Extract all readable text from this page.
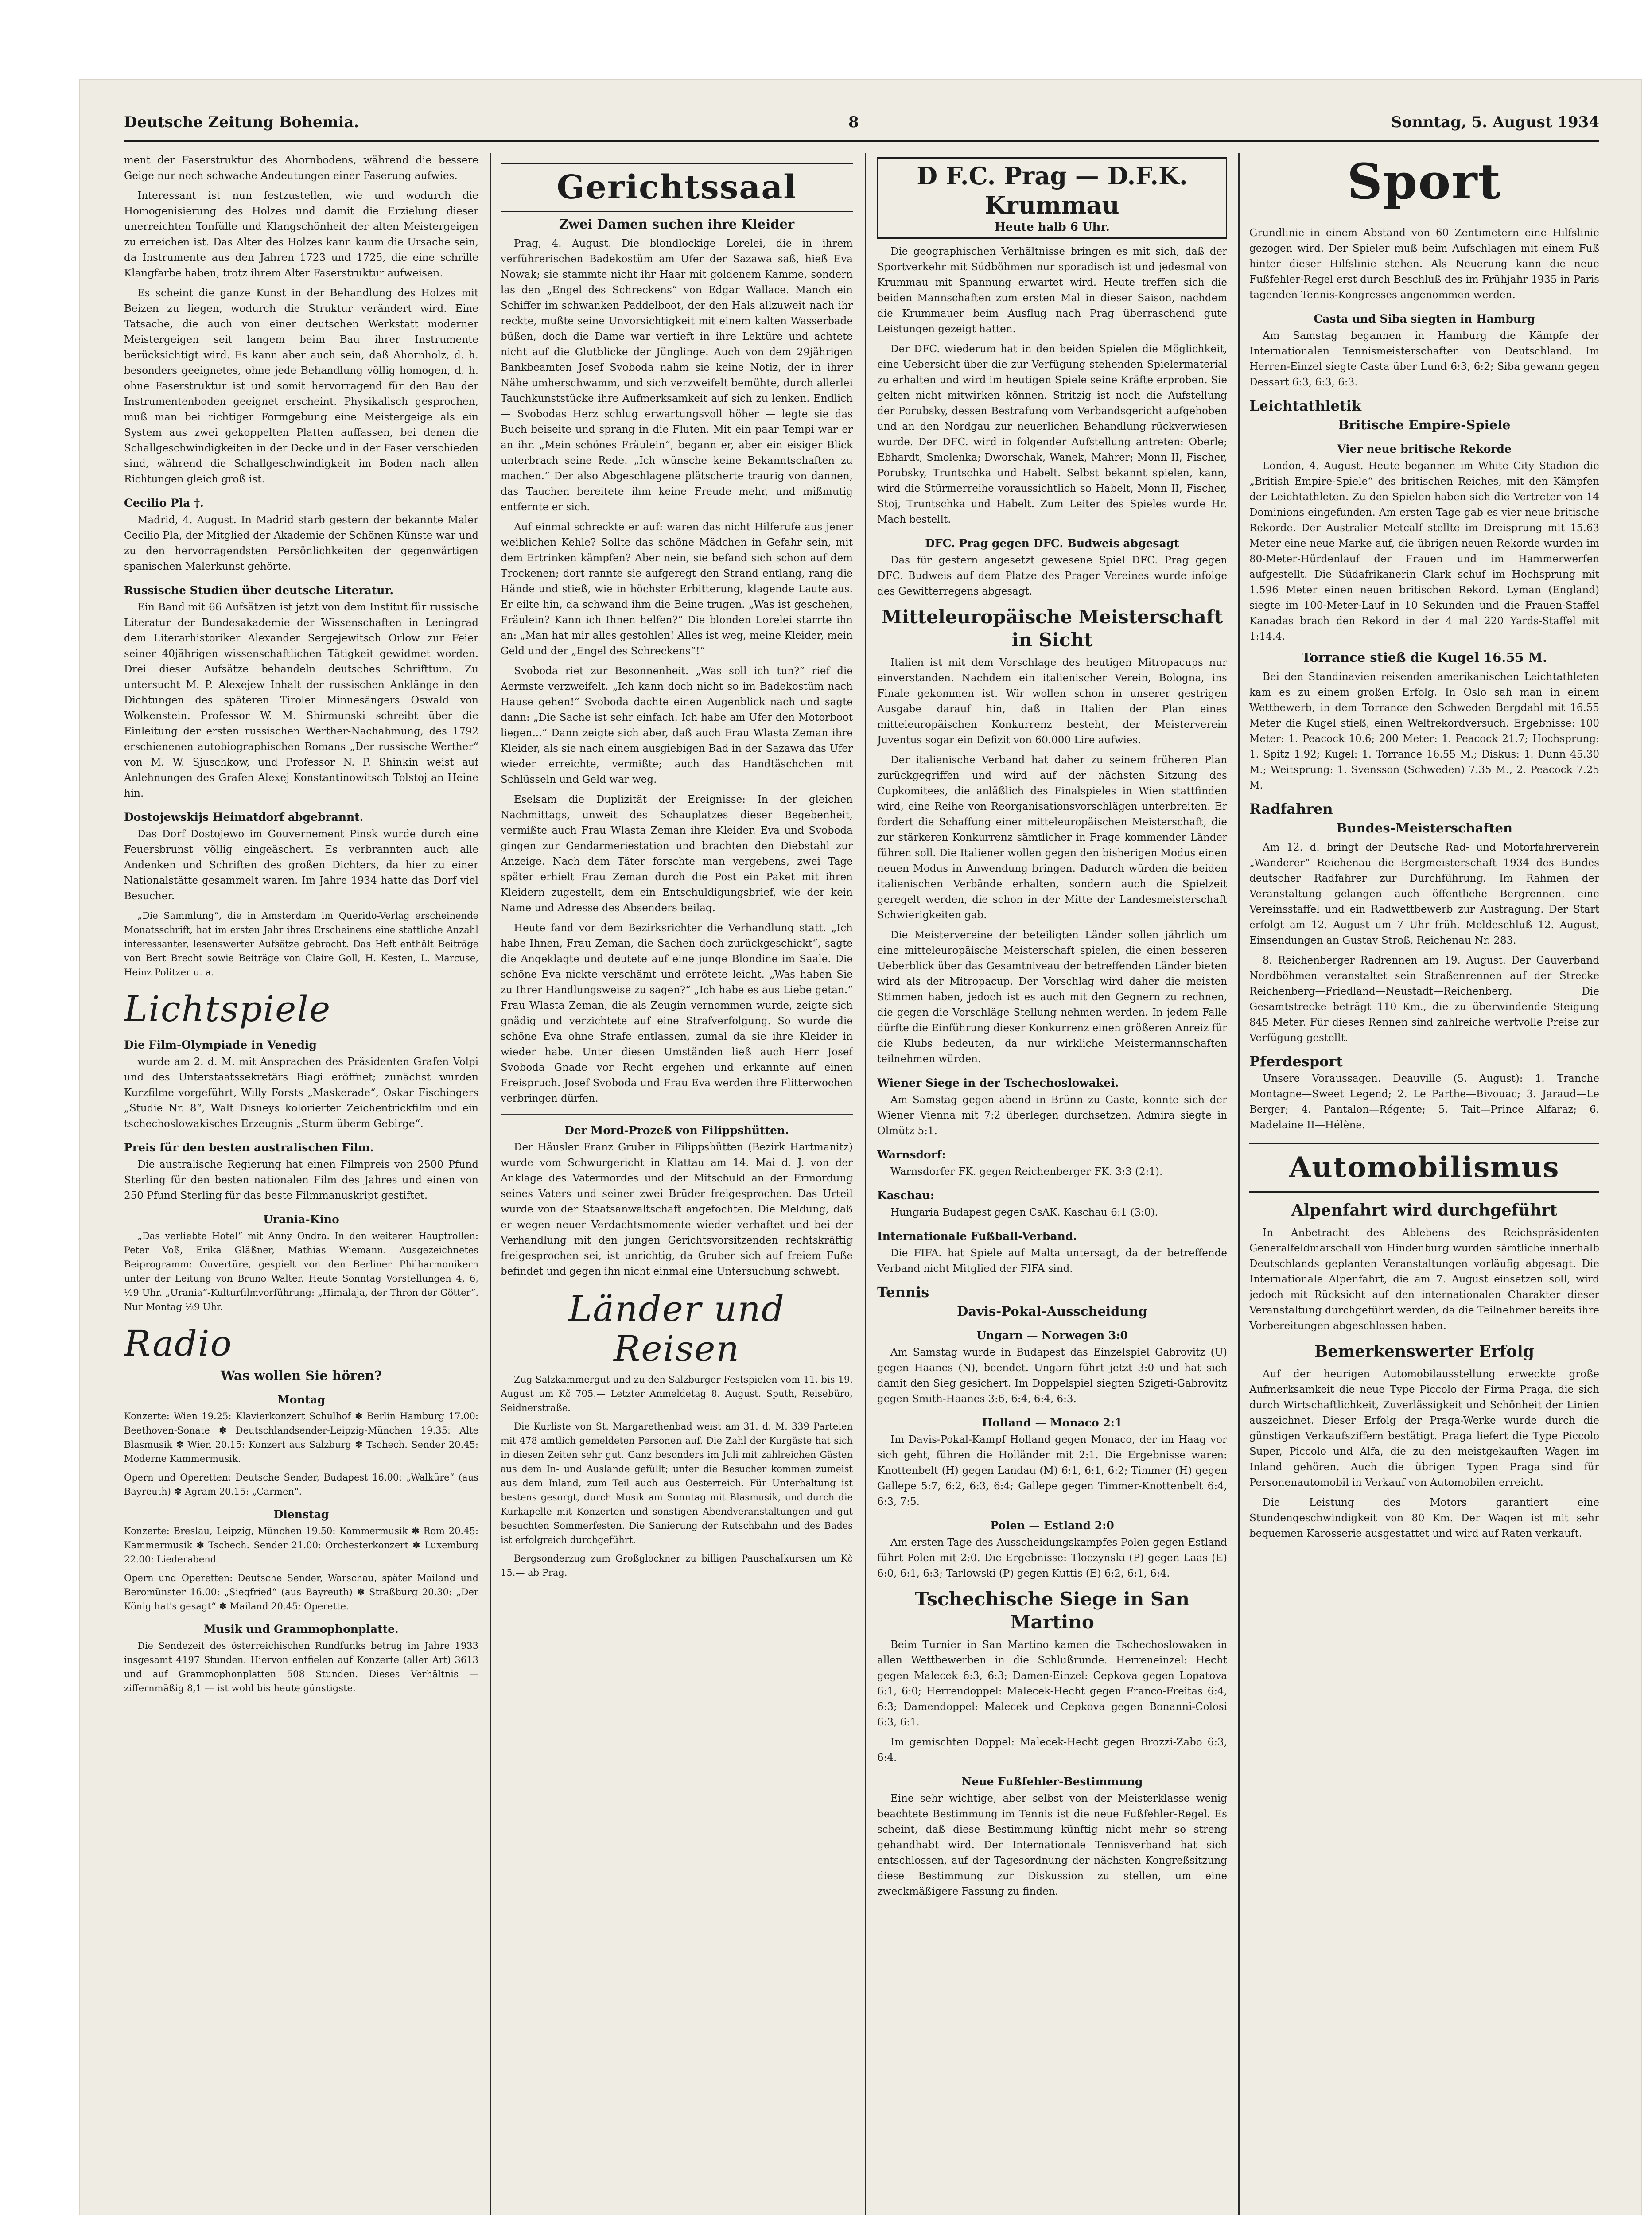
Deutsche Zeitung Bohemia.	8	Sonntag, 5. August 1934

ment der Faserstruktur des Ahornbodens, während die bessere Geige nur noch schwache Andeutungen einer Faserung aufwies.

Interessant ist nun festzustellen, wie und wodurch die Homogenisierung des Holzes und damit die Erzielung dieser unerreichten Tonfülle und Klangschönheit der alten Meistergeigen zu erreichen ist. Das Alter des Holzes kann kaum die Ursache sein, da Instrumente aus den Jahren 1723 und 1725, die eine schrille Klangfarbe haben, trotz ihrem Alter Faserstruktur aufweisen.

Es scheint die ganze Kunst in der Behandlung des Holzes mit Beizen zu liegen, wodurch die Struktur verändert wird. Eine Tatsache, die auch von einer deutschen Werkstatt moderner Meistergeigen seit langem beim Bau ihrer Instrumente berücksichtigt wird. Es kann aber auch sein, daß Ahornholz, d. h. besonders geeignetes, ohne jede Behandlung völlig homogen, d. h. ohne Faserstruktur ist und somit hervorragend für den Bau der Instrumentenboden geeignet erscheint. Physikalisch gesprochen, muß man bei richtiger Formgebung eine Meistergeige als ein System aus zwei gekoppelten Platten auffassen, bei denen die Schallgeschwindigkeiten in der Decke und in der Faser verschieden sind, während die Schallgeschwindigkeit im Boden nach allen Richtungen gleich groß ist.

Cecilio Pla †.

Madrid, 4. August. In Madrid starb gestern der bekannte Maler Cecilio Pla, der Mitglied der Akademie der Schönen Künste war und zu den hervorragendsten Persönlichkeiten der gegenwärtigen spanischen Malerkunst gehörte.

Russische Studien über deutsche Literatur.

Ein Band mit 66 Aufsätzen ist jetzt von dem Institut für russische Literatur der Bundesakademie der Wissenschaften in Leningrad dem Literarhistoriker Alexander Sergejewitsch Orlow zur Feier seiner 40jährigen wissenschaftlichen Tätigkeit gewidmet worden. Drei dieser Aufsätze behandeln deutsches Schrifttum. Zu untersucht M. P. Alexejew Inhalt der russischen Anklänge in den Dichtungen des späteren Tiroler Minnesängers Oswald von Wolkenstein. Professor W. M. Shirmunski schreibt über die Einleitung der ersten russischen Werther-Nachahmung, des 1792 erschienenen autobiographischen Romans „Der russische Werther“ von M. W. Sjuschkow, und Professor N. P. Shinkin weist auf Anlehnungen des Grafen Alexej Konstantinowitsch Tolstoj an Heine hin.

Dostojewskijs Heimatdorf abgebrannt.

Das Dorf Dostojewo im Gouvernement Pinsk wurde durch eine Feuersbrunst völlig eingeäschert. Es verbrannten auch alle Andenken und Schriften des großen Dichters, da hier zu einer Nationalstätte gesammelt waren. Im Jahre 1934 hatte das Dorf viel Besucher.

„Die Sammlung“, die in Amsterdam im Querido-Verlag erscheinende Monatsschrift, hat im ersten Jahr ihres Erscheinens eine stattliche Anzahl interessanter, lesenswerter Aufsätze gebracht. Das Heft enthält Beiträge von Bert Brecht sowie Beiträge von Claire Goll, H. Kesten, L. Marcuse, Heinz Politzer u. a.

Lichtspiele
Die Film-Olympiade in Venedig

wurde am 2. d. M. mit Ansprachen des Präsidenten Grafen Volpi und des Unterstaatssekretärs Biagi eröffnet; zunächst wurden Kurzfilme vorgeführt, Willy Forsts „Maskerade“, Oskar Fischingers „Studie Nr. 8“, Walt Disneys kolorierter Zeichentrickfilm und ein tschechoslowakisches Erzeugnis „Sturm überm Gebirge“.

Preis für den besten australischen Film.

Die australische Regierung hat einen Filmpreis von 2500 Pfund Sterling für den besten nationalen Film des Jahres und einen von 250 Pfund Sterling für das beste Filmmanuskript gestiftet.

Urania-Kino

„Das verliebte Hotel“ mit Anny Ondra. In den weiteren Hauptrollen: Peter Voß, Erika Gläßner, Mathias Wiemann. Ausgezeichnetes Beiprogramm: Ouvertüre, gespielt von den Berliner Philharmonikern unter der Leitung von Bruno Walter. Heute Sonntag Vorstellungen 4, 6, ½9 Uhr. „Urania“-Kulturfilmvorführung: „Himalaja, der Thron der Götter“. Nur Montag ½9 Uhr.

Radio
Was wollen Sie hören?
Montag

Konzerte: Wien 19.25: Klavierkonzert Schulhof ✽ Berlin Hamburg 17.00: Beethoven-Sonate ✽ Deutschlandsender-Leipzig-München 19.35: Alte Blasmusik ✽ Wien 20.15: Konzert aus Salzburg ✽ Tschech. Sender 20.45: Moderne Kammermusik.

Opern und Operetten: Deutsche Sender, Budapest 16.00: „Walküre“ (aus Bayreuth) ✽ Agram 20.15: „Carmen“.

Dienstag

Konzerte: Breslau, Leipzig, München 19.50: Kammermusik ✽ Rom 20.45: Kammermusik ✽ Tschech. Sender 21.00: Orchesterkonzert ✽ Luxemburg 22.00: Liederabend.

Opern und Operetten: Deutsche Sender, Warschau, später Mailand und Beromünster 16.00: „Siegfried“ (aus Bayreuth) ✽ Straßburg 20.30: „Der König hat's gesagt“ ✽ Mailand 20.45: Operette.

Musik und Grammophonplatte.

Die Sendezeit des österreichischen Rundfunks betrug im Jahre 1933 insgesamt 4197 Stunden. Hiervon entfielen auf Konzerte (aller Art) 3613 und auf Grammophonplatten 508 Stunden. Dieses Verhältnis — ziffernmäßig 8,1 — ist wohl bis heute günstigste.

Gerichtssaal
Zwei Damen suchen ihre Kleider

Prag, 4. August. Die blondlockige Lorelei, die in ihrem verführerischen Badekostüm am Ufer der Sazawa saß, hieß Eva Nowak; sie stammte nicht ihr Haar mit goldenem Kamme, sondern las den „Engel des Schreckens“ von Edgar Wallace. Manch ein Schiffer im schwanken Paddelboot, der den Hals allzuweit nach ihr reckte, mußte seine Unvorsichtigkeit mit einem kalten Wasserbade büßen, doch die Dame war vertieft in ihre Lektüre und achtete nicht auf die Glutblicke der Jünglinge. Auch von dem 29jährigen Bankbeamten Josef Svoboda nahm sie keine Notiz, der in ihrer Nähe umherschwamm, und sich verzweifelt bemühte, durch allerlei Tauchkunststücke ihre Aufmerksamkeit auf sich zu lenken. Endlich — Svobodas Herz schlug erwartungsvoll höher — legte sie das Buch beiseite und sprang in die Fluten. Mit ein paar Tempi war er an ihr. „Mein schönes Fräulein“, begann er, aber ein eisiger Blick unterbrach seine Rede. „Ich wünsche keine Bekanntschaften zu machen.“ Der also Abgeschlagene plätscherte traurig von dannen, das Tauchen bereitete ihm keine Freude mehr, und mißmutig entfernte er sich.

Auf einmal schreckte er auf: waren das nicht Hilferufe aus jener weiblichen Kehle? Sollte das schöne Mädchen in Gefahr sein, mit dem Ertrinken kämpfen? Aber nein, sie befand sich schon auf dem Trockenen; dort rannte sie aufgeregt den Strand entlang, rang die Hände und stieß, wie in höchster Erbitterung, klagende Laute aus. Er eilte hin, da schwand ihm die Beine trugen. „Was ist geschehen, Fräulein? Kann ich Ihnen helfen?“ Die blonden Lorelei starrte ihn an: „Man hat mir alles gestohlen! Alles ist weg, meine Kleider, mein Geld und der „Engel des Schreckens“!“

Svoboda riet zur Besonnenheit. „Was soll ich tun?“ rief die Aermste verzweifelt. „Ich kann doch nicht so im Badekostüm nach Hause gehen!“ Svoboda dachte einen Augenblick nach und sagte dann: „Die Sache ist sehr einfach. Ich habe am Ufer den Motorboot liegen...“ Dann zeigte sich aber, daß auch Frau Wlasta Zeman ihre Kleider, als sie nach einem ausgiebigen Bad in der Sazawa das Ufer wieder erreichte, vermißte; auch das Handtäschchen mit Schlüsseln und Geld war weg.

Eselsam die Duplizität der Ereignisse: In der gleichen Nachmittags, unweit des Schauplatzes dieser Begebenheit, vermißte auch Frau Wlasta Zeman ihre Kleider. Eva und Svoboda gingen zur Gendarmeriestation und brachten den Diebstahl zur Anzeige. Nach dem Täter forschte man vergebens, zwei Tage später erhielt Frau Zeman durch die Post ein Paket mit ihren Kleidern zugestellt, dem ein Entschuldigungsbrief, wie der kein Name und Adresse des Absenders beilag.

Heute fand vor dem Bezirksrichter die Verhandlung statt. „Ich habe Ihnen, Frau Zeman, die Sachen doch zurückgeschickt“, sagte die Angeklagte und deutete auf eine junge Blondine im Saale. Die schöne Eva nickte verschämt und errötete leicht. „Was haben Sie zu Ihrer Handlungsweise zu sagen?“ „Ich habe es aus Liebe getan.“ Frau Wlasta Zeman, die als Zeugin vernommen wurde, zeigte sich gnädig und verzichtete auf eine Strafverfolgung. So wurde die schöne Eva ohne Strafe entlassen, zumal da sie ihre Kleider in wieder habe. Unter diesen Umständen ließ auch Herr Josef Svoboda Gnade vor Recht ergehen und erkannte auf einen Freispruch. Josef Svoboda und Frau Eva werden ihre Flitterwochen verbringen dürfen.

Der Mord-Prozeß von Filippshütten.

Der Häusler Franz Gruber in Filippshütten (Bezirk Hartmanitz) wurde vom Schwurgericht in Klattau am 14. Mai d. J. von der Anklage des Vatermordes und der Mitschuld an der Ermordung seines Vaters und seiner zwei Brüder freigesprochen. Das Urteil wurde von der Staatsanwaltschaft angefochten. Die Meldung, daß er wegen neuer Verdachtsmomente wieder verhaftet und bei der Verhandlung mit den jungen Gerichtsvorsitzenden rechtskräftig freigesprochen sei, ist unrichtig, da Gruber sich auf freiem Fuße befindet und gegen ihn nicht einmal eine Untersuchung schwebt.

Länder und Reisen

Zug Salzkammergut und zu den Salzburger Festspielen vom 11. bis 19. August um Kč 705.— Letzter Anmeldetag 8. August. Sputh, Reisebüro, Seidnerstraße.

Die Kurliste von St. Margarethenbad weist am 31. d. M. 339 Parteien mit 478 amtlich gemeldeten Personen auf. Die Zahl der Kurgäste hat sich in diesen Zeiten sehr gut. Ganz besonders im Juli mit zahlreichen Gästen aus dem In- und Auslande gefüllt; unter die Besucher kommen zumeist aus dem Inland, zum Teil auch aus Oesterreich. Für Unterhaltung ist bestens gesorgt, durch Musik am Sonntag mit Blasmusik, und durch die Kurkapelle mit Konzerten und sonstigen Abendveranstaltungen und gut besuchten Sommerfesten. Die Sanierung der Rutschbahn und des Bades ist erfolgreich durchgeführt.

Bergsonderzug zum Großglockner zu billigen Pauschalkursen um Kč 15.— ab Prag.

D F.C. Prag — D.F.K. Krummau
Heute halb 6 Uhr.

Die geographischen Verhältnisse bringen es mit sich, daß der Sportverkehr mit Südböhmen nur sporadisch ist und jedesmal von Krummau mit Spannung erwartet wird. Heute treffen sich die beiden Mannschaften zum ersten Mal in dieser Saison, nachdem die Krummauer beim Ausflug nach Prag überraschend gute Leistungen gezeigt hatten.

Der DFC. wiederum hat in den beiden Spielen die Möglichkeit, eine Uebersicht über die zur Verfügung stehenden Spielermaterial zu erhalten und wird im heutigen Spiele seine Kräfte erproben. Sie gelten nicht mitwirken können. Stritzig ist noch die Aufstellung der Porubsky, dessen Bestrafung vom Verbandsgericht aufgehoben und an den Nordgau zur neuerlichen Behandlung rückverwiesen wurde. Der DFC. wird in folgender Aufstellung antreten: Oberle; Ebhardt, Smolenka; Dworschak, Wanek, Mahrer; Monn II, Fischer, Porubsky, Truntschka und Habelt. Selbst bekannt spielen, kann, wird die Stürmerreihe voraussichtlich so Habelt, Monn II, Fischer, Stoj, Truntschka und Habelt. Zum Leiter des Spieles wurde Hr. Mach bestellt.

DFC. Prag gegen DFC. Budweis abgesagt

Das für gestern angesetzt gewesene Spiel DFC. Prag gegen DFC. Budweis auf dem Platze des Prager Vereines wurde infolge des Gewitterregens abgesagt.

Mitteleuropäische Meisterschaft in Sicht

Italien ist mit dem Vorschlage des heutigen Mitropacups nur einverstanden. Nachdem ein italienischer Verein, Bologna, ins Finale gekommen ist. Wir wollen schon in unserer gestrigen Ausgabe darauf hin, daß in Italien der Plan eines mitteleuropäischen Konkurrenz besteht, der Meisterverein Juventus sogar ein Defizit von 60.000 Lire aufwies.

Der italienische Verband hat daher zu seinem früheren Plan zurückgegriffen und wird auf der nächsten Sitzung des Cupkomitees, die anläßlich des Finalspieles in Wien stattfinden wird, eine Reihe von Reorganisationsvorschlägen unterbreiten. Er fordert die Schaffung einer mitteleuropäischen Meisterschaft, die zur stärkeren Konkurrenz sämtlicher in Frage kommender Länder führen soll. Die Italiener wollen gegen den bisherigen Modus einen neuen Modus in Anwendung bringen. Dadurch würden die beiden italienischen Verbände erhalten, sondern auch die Spielzeit geregelt werden, die schon in der Mitte der Landesmeisterschaft Schwierigkeiten gab.

Die Meistervereine der beteiligten Länder sollen jährlich um eine mitteleuropäische Meisterschaft spielen, die einen besseren Ueberblick über das Gesamtniveau der betreffenden Länder bieten wird als der Mitropacup. Der Vorschlag wird daher die meisten Stimmen haben, jedoch ist es auch mit den Gegnern zu rechnen, die gegen die Vorschläge Stellung nehmen werden. In jedem Falle dürfte die Einführung dieser Konkurrenz einen größeren Anreiz für die Klubs bedeuten, da nur wirkliche Meistermannschaften teilnehmen würden.

Wiener Siege in der Tschechoslowakei.

Am Samstag gegen abend in Brünn zu Gaste, konnte sich der Wiener Vienna mit 7:2 überlegen durchsetzen. Admira siegte in Olmütz 5:1.

Warnsdorf:

Warnsdorfer FK. gegen Reichenberger FK. 3:3 (2:1).

Kaschau:

Hungaria Budapest gegen CsAK. Kaschau 6:1 (3:0).

Internationale Fußball-Verband.

Die FIFA. hat Spiele auf Malta untersagt, da der betreffende Verband nicht Mitglied der FIFA sind.

Tennis
Davis-Pokal-Ausscheidung
Ungarn — Norwegen 3:0

Am Samstag wurde in Budapest das Einzelspiel Gabrovitz (U) gegen Haanes (N), beendet. Ungarn führt jetzt 3:0 und hat sich damit den Sieg gesichert. Im Doppelspiel siegten Szigeti-Gabrovitz gegen Smith-Haanes 3:6, 6:4, 6:4, 6:3.

Holland — Monaco 2:1

Im Davis-Pokal-Kampf Holland gegen Monaco, der im Haag vor sich geht, führen die Holländer mit 2:1. Die Ergebnisse waren: Knottenbelt (H) gegen Landau (M) 6:1, 6:1, 6:2; Timmer (H) gegen Gallepe 5:7, 6:2, 6:3, 6:4; Gallepe gegen Timmer-Knottenbelt 6:4, 6:3, 7:5.

Polen — Estland 2:0

Am ersten Tage des Ausscheidungskampfes Polen gegen Estland führt Polen mit 2:0. Die Ergebnisse: Tloczynski (P) gegen Laas (E) 6:0, 6:1, 6:3; Tarlowski (P) gegen Kuttis (E) 6:2, 6:1, 6:4.

Tschechische Siege in San Martino

Beim Turnier in San Martino kamen die Tschechoslowaken in allen Wettbewerben in die Schlußrunde. Herreneinzel: Hecht gegen Malecek 6:3, 6:3; Damen-Einzel: Cepkova gegen Lopatova 6:1, 6:0; Herrendoppel: Malecek-Hecht gegen Franco-Freitas 6:4, 6:3; Damendoppel: Malecek und Cepkova gegen Bonanni-Colosi 6:3, 6:1.

Im gemischten Doppel: Malecek-Hecht gegen Brozzi-Zabo 6:3, 6:4.

Neue Fußfehler-Bestimmung

Eine sehr wichtige, aber selbst von der Meisterklasse wenig beachtete Bestimmung im Tennis ist die neue Fußfehler-Regel. Es scheint, daß diese Bestimmung künftig nicht mehr so streng gehandhabt wird. Der Internationale Tennisverband hat sich entschlossen, auf der Tagesordnung der nächsten Kongreßsitzung diese Bestimmung zur Diskussion zu stellen, um eine zweckmäßigere Fassung zu finden.

Sport

Grundlinie in einem Abstand von 60 Zentimetern eine Hilfslinie gezogen wird. Der Spieler muß beim Aufschlagen mit einem Fuß hinter dieser Hilfslinie stehen. Als Neuerung kann die neue Fußfehler-Regel erst durch Beschluß des im Frühjahr 1935 in Paris tagenden Tennis-Kongresses angenommen werden.

Casta und Siba siegten in Hamburg

Am Samstag begannen in Hamburg die Kämpfe der Internationalen Tennismeisterschaften von Deutschland. Im Herren-Einzel siegte Casta über Lund 6:3, 6:2; Siba gewann gegen Dessart 6:3, 6:3, 6:3.

Leichtathletik
Britische Empire-Spiele
Vier neue britische Rekorde

London, 4. August. Heute begannen im White City Stadion die „British Empire-Spiele“ des britischen Reiches, mit den Kämpfen der Leichtathleten. Zu den Spielen haben sich die Vertreter von 14 Dominions eingefunden. Am ersten Tage gab es vier neue britische Rekorde. Der Australier Metcalf stellte im Dreisprung mit 15.63 Meter eine neue Marke auf, die übrigen neuen Rekorde wurden im 80-Meter-Hürdenlauf der Frauen und im Hammerwerfen aufgestellt. Die Südafrikanerin Clark schuf im Hochsprung mit 1.596 Meter einen neuen britischen Rekord. Lyman (England) siegte im 100-Meter-Lauf in 10 Sekunden und die Frauen-Staffel Kanadas brach den Rekord in der 4 mal 220 Yards-Staffel mit 1:14.4.

Torrance stieß die Kugel 16.55 M.

Bei den Standinavien reisenden amerikanischen Leichtathleten kam es zu einem großen Erfolg. In Oslo sah man in einem Wettbewerb, in dem Torrance den Schweden Bergdahl mit 16.55 Meter die Kugel stieß, einen Weltrekordversuch. Ergebnisse: 100 Meter: 1. Peacock 10.6; 200 Meter: 1. Peacock 21.7; Hochsprung: 1. Spitz 1.92; Kugel: 1. Torrance 16.55 M.; Diskus: 1. Dunn 45.30 M.; Weitsprung: 1. Svensson (Schweden) 7.35 M., 2. Peacock 7.25 M.

Radfahren
Bundes-Meisterschaften

Am 12. d. bringt der Deutsche Rad- und Motorfahrerverein „Wanderer“ Reichenau die Bergmeisterschaft 1934 des Bundes deutscher Radfahrer zur Durchführung. Im Rahmen der Veranstaltung gelangen auch öffentliche Bergrennen, eine Vereinsstaffel und ein Radwettbewerb zur Austragung. Der Start erfolgt am 12. August um 7 Uhr früh. Meldeschluß 12. August, Einsendungen an Gustav Stroß, Reichenau Nr. 283.

8. Reichenberger Radrennen am 19. August. Der Gauverband Nordböhmen veranstaltet sein Straßenrennen auf der Strecke Reichenberg—Friedland—Neustadt—Reichenberg. Die Gesamtstrecke beträgt 110 Km., die zu überwindende Steigung 845 Meter. Für dieses Rennen sind zahlreiche wertvolle Preise zur Verfügung gestellt.

Pferdesport

Unsere Voraussagen. Deauville (5. August): 1. Tranche Montagne—Sweet Legend; 2. Le Parthe—Bivouac; 3. Jaraud—Le Berger; 4. Pantalon—Régente; 5. Tait—Prince Alfaraz; 6. Madelaine II—Hélène.

Automobilismus
Alpenfahrt wird durchgeführt

In Anbetracht des Ablebens des Reichspräsidenten Generalfeldmarschall von Hindenburg wurden sämtliche innerhalb Deutschlands geplanten Veranstaltungen vorläufig abgesagt. Die Internationale Alpenfahrt, die am 7. August einsetzen soll, wird jedoch mit Rücksicht auf den internationalen Charakter dieser Veranstaltung durchgeführt werden, da die Teilnehmer bereits ihre Vorbereitungen abgeschlossen haben.

Bemerkenswerter Erfolg

Auf der heurigen Automobilausstellung erweckte große Aufmerksamkeit die neue Type Piccolo der Firma Praga, die sich durch Wirtschaftlichkeit, Zuverlässigkeit und Schönheit der Linien auszeichnet. Dieser Erfolg der Praga-Werke wurde durch die günstigen Verkaufsziffern bestätigt. Praga liefert die Type Piccolo Super, Piccolo und Alfa, die zu den meistgekauften Wagen im Inland gehören. Auch die übrigen Typen Praga sind für Personenautomobil in Verkauf von Automobilen erreicht.

Die Leistung des Motors garantiert eine Stundengeschwindigkeit von 80 Km. Der Wagen ist mit sehr bequemen Karosserie ausgestattet und wird auf Raten verkauft.
